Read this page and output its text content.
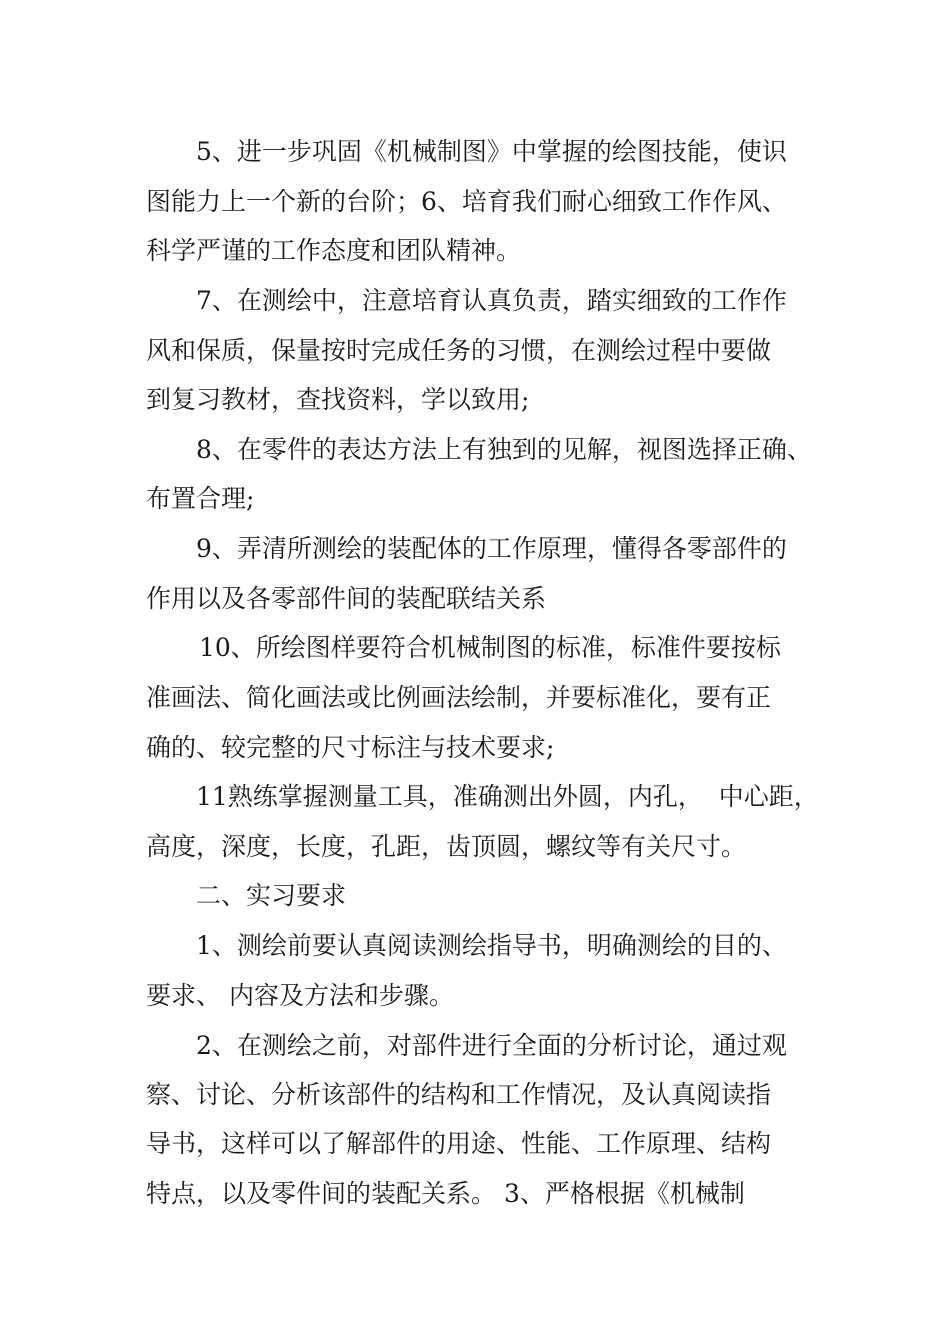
5、进一步巩固《机械制图》中掌握的绘图技能，使识
图能力上一个新的台阶；6、培育我们耐心细致工作作风、
科学严谨的工作态度和团队精神。
7、在测绘中，注意培育认真负责，踏实细致的工作作
风和保质，保量按时完成任务的习惯，在测绘过程中要做
到复习教材，查找资料，学以致用;
8、在零件的表达方法上有独到的见解，视图选择正确、
布置合理;
9、弄清所测绘的装配体的工作原理，懂得各零部件的
作用以及各零部件间的装配联结关系
10、所绘图样要符合机械制图的标准，标准件要按标
准画法、简化画法或比例画法绘制，并要标准化，要有正
确的、较完整的尺寸标注与技术要求;
11熟练掌握测量工具，准确测出外圆，内孔，  中心距，
高度，深度，长度，孔距，齿顶圆，螺纹等有关尺寸。
二、实习要求
1、测绘前要认真阅读测绘指导书，明确测绘的目的、
要求、 内容及方法和步骤。
2、在测绘之前，对部件进行全面的分析讨论，通过观
察、讨论、分析该部件的结构和工作情况，及认真阅读指
导书，这样可以了解部件的用途、性能、工作原理、结构
特点，以及零件间的装配关系。 3、严格根据《机械制
